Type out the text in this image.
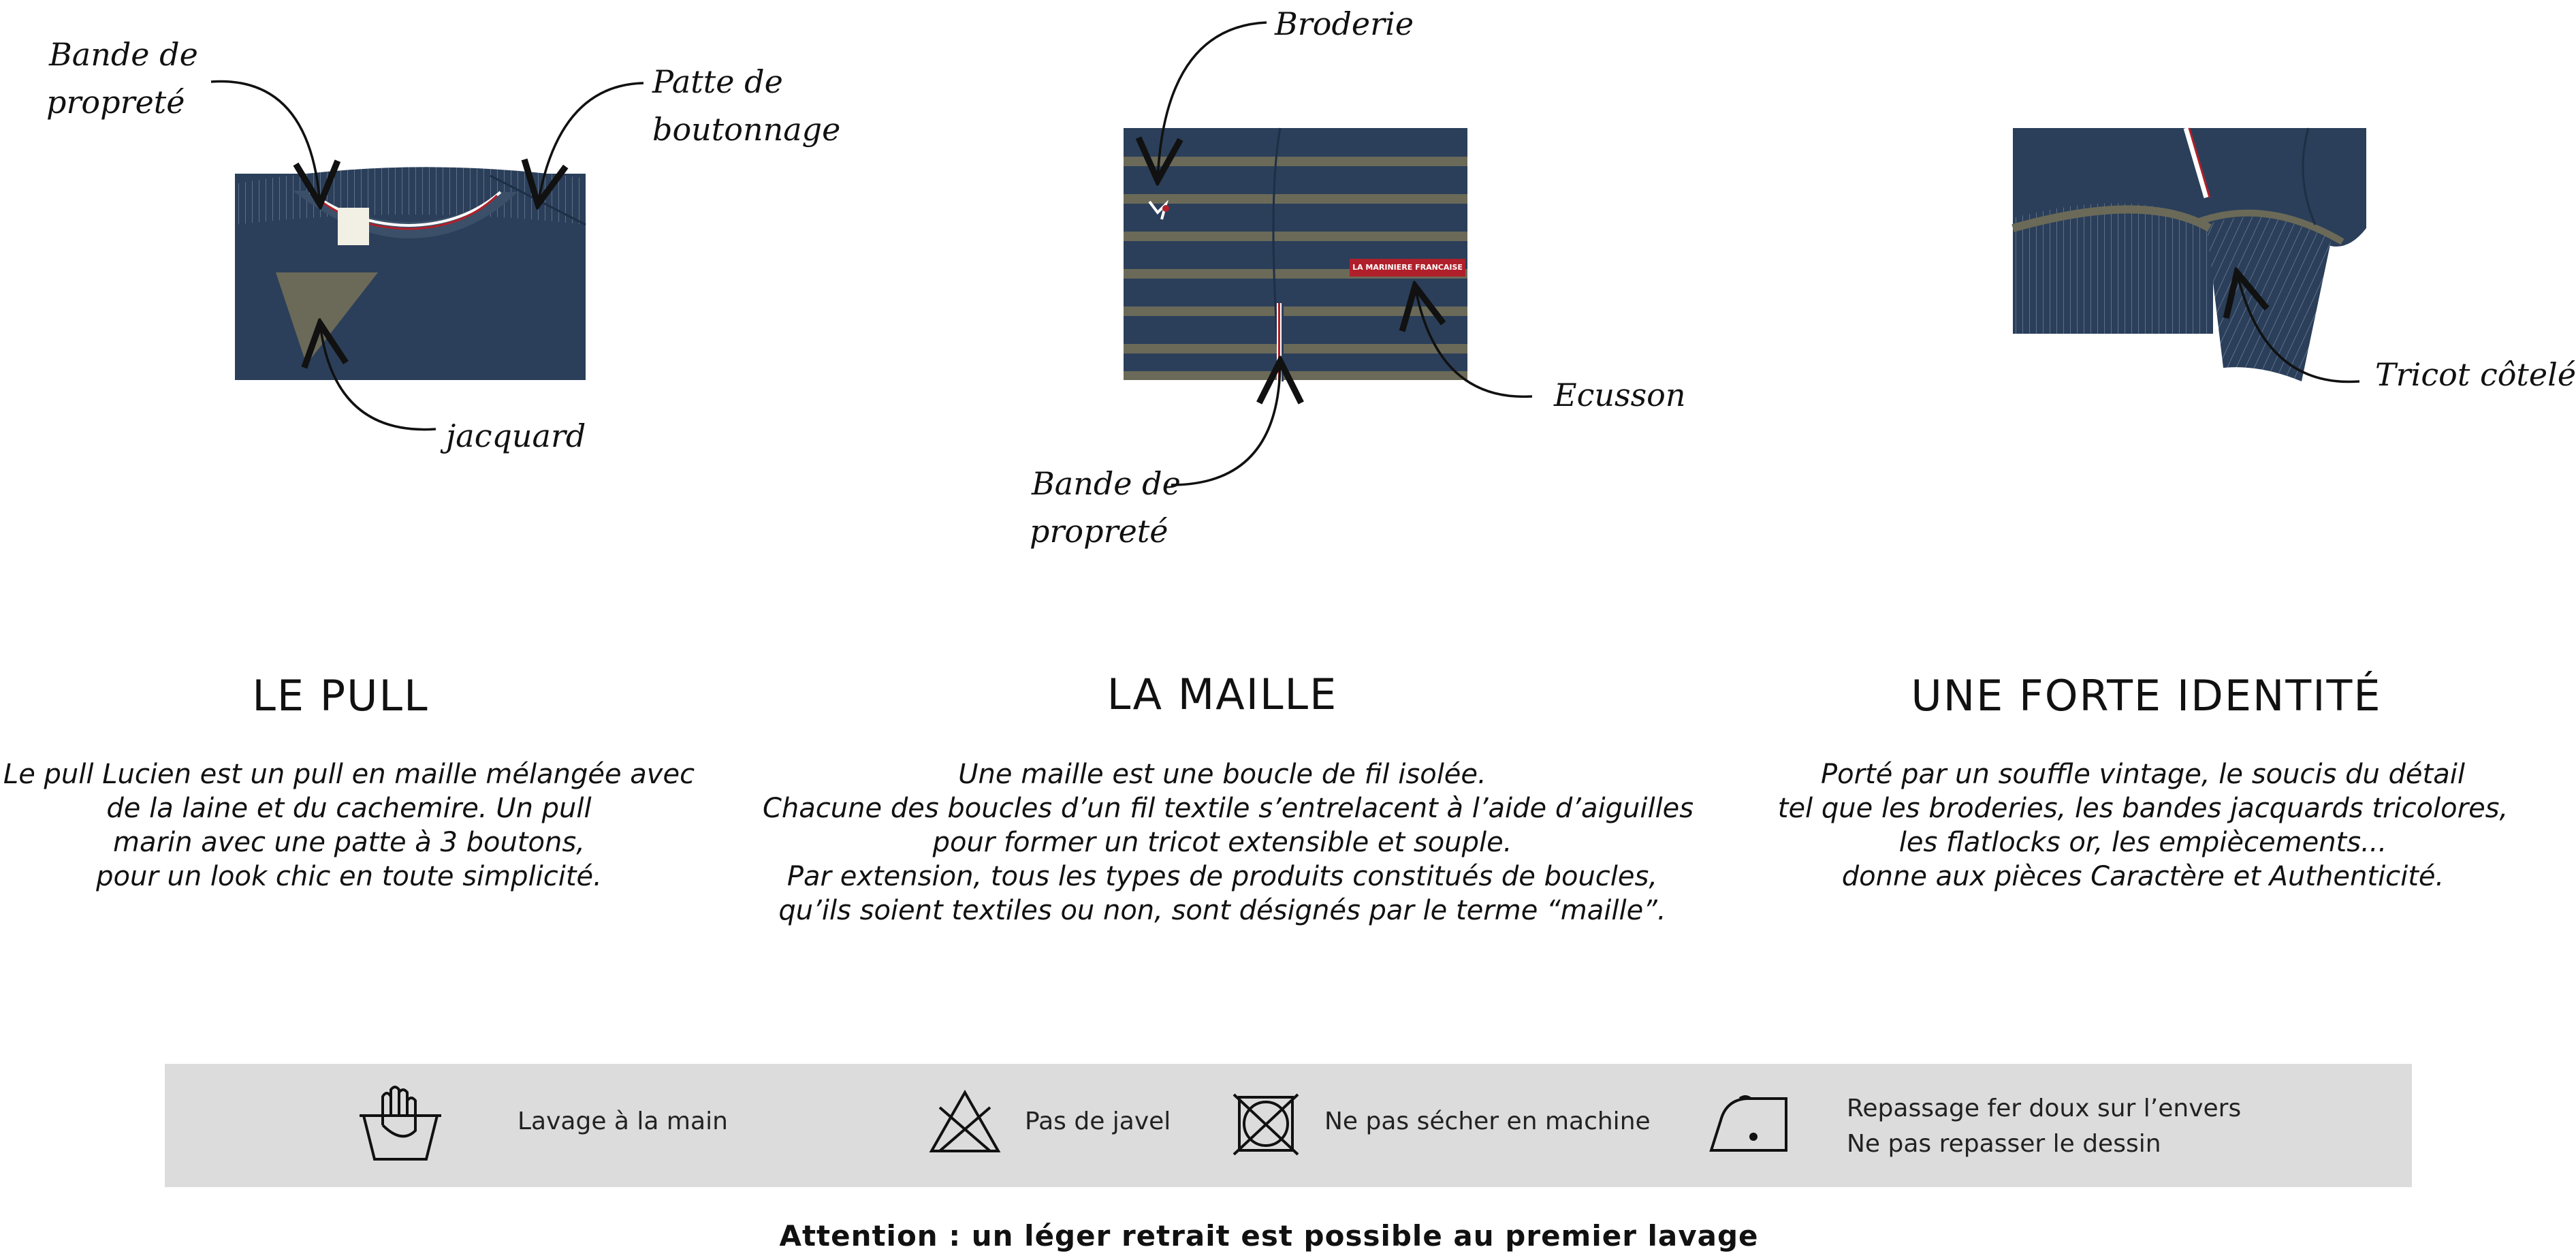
Bande de
propreté
Patte de
boutonnage
jacquard
Broderie
Ecusson
Bande de
propreté
Tricot côtelé
LA MARINIERE FRANCAISE
LE PULL	LA MAILLE	UNE FORTE IDENTITÉ
Le pull Lucien est un pull en maille mélangée avec
de la laine et du cachemire. Un pull
marin avec une patte à 3 boutons,
pour un look chic en toute simplicité.
Une maille est une boucle de fil isolée.
Chacune des boucles d’un fil textile s’entrelacent à l’aide d’aiguilles
pour former un tricot extensible et souple.
Par extension, tous les types de produits constitués de boucles,
qu’ils soient textiles ou non, sont désignés par le terme “maille”.
Porté par un souffle vintage, le soucis du détail
tel que les broderies, les bandes jacquards tricolores,
les flatlocks or, les empiècements...
donne aux pièces Caractère et Authenticité.
Lavage à la main	Pas de javel	Ne pas sécher en machine	Repassage fer doux sur l’envers
Ne pas repasser le dessin
Attention : un léger retrait est possible au premier lavage
